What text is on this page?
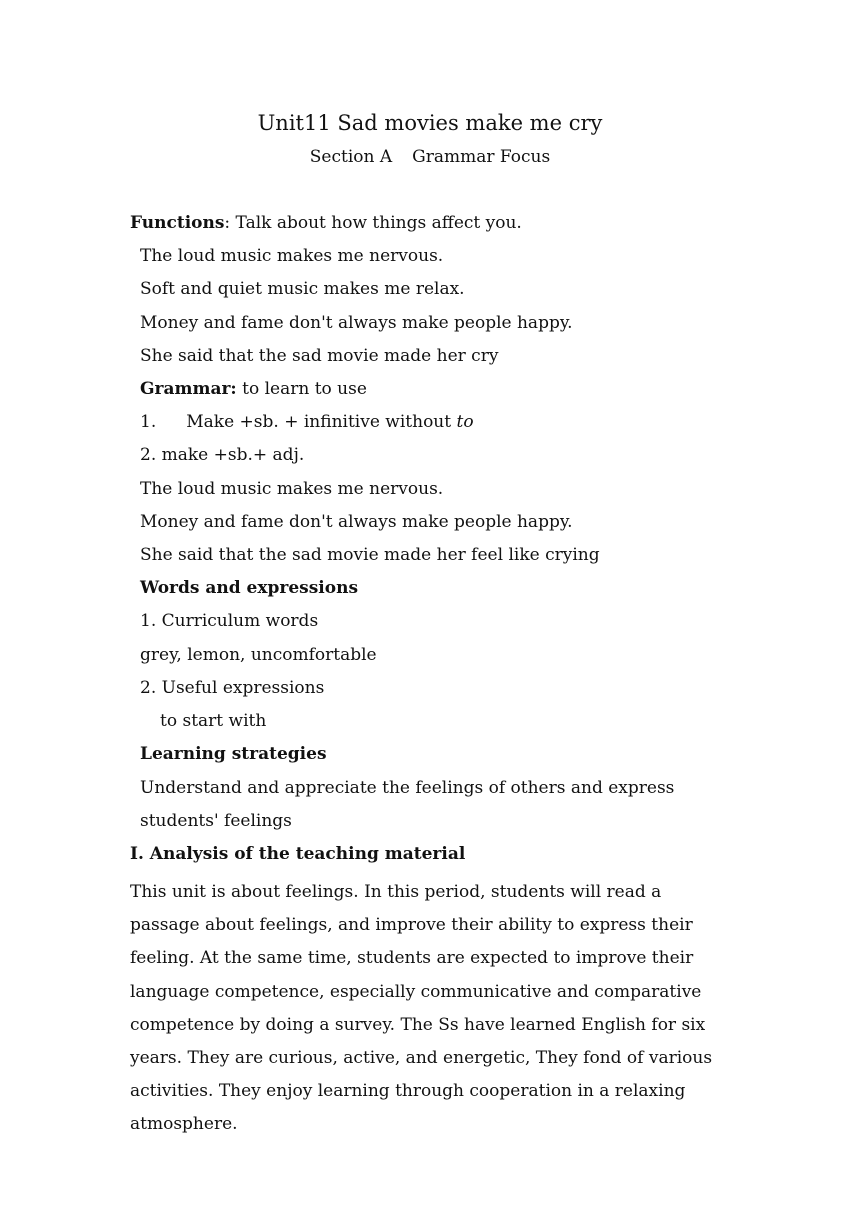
Unit11 Sad movies make me cry
Section A Grammar Focus
Functions: Talk about how things affect you.
The loud music makes me nervous.
Soft and quiet music makes me relax.
Money and fame don't always make people happy.
She said that the sad movie made her cry
Grammar: to learn to use
1. Make +sb. + infinitive without to
2. make +sb.+ adj.
The loud music makes me nervous.
Money and fame don't always make people happy.
She said that the sad movie made her feel like crying
Words and expressions
1. Curriculum words
grey, lemon, uncomfortable
2. Useful expressions
to start with
Learning strategies
Understand and appreciate the feelings of others and express
students' feelings
I. Analysis of the teaching material
This unit is about feelings. In this period, students will read a passage about feelings, and improve their ability to express their feeling. At the same time, students are expected to improve their language competence, especially communicative and comparative competence by doing a survey. The Ss have learned English for six years. They are curious, active, and energetic, They fond of various activities. They enjoy learning through cooperation in a relaxing atmosphere.
